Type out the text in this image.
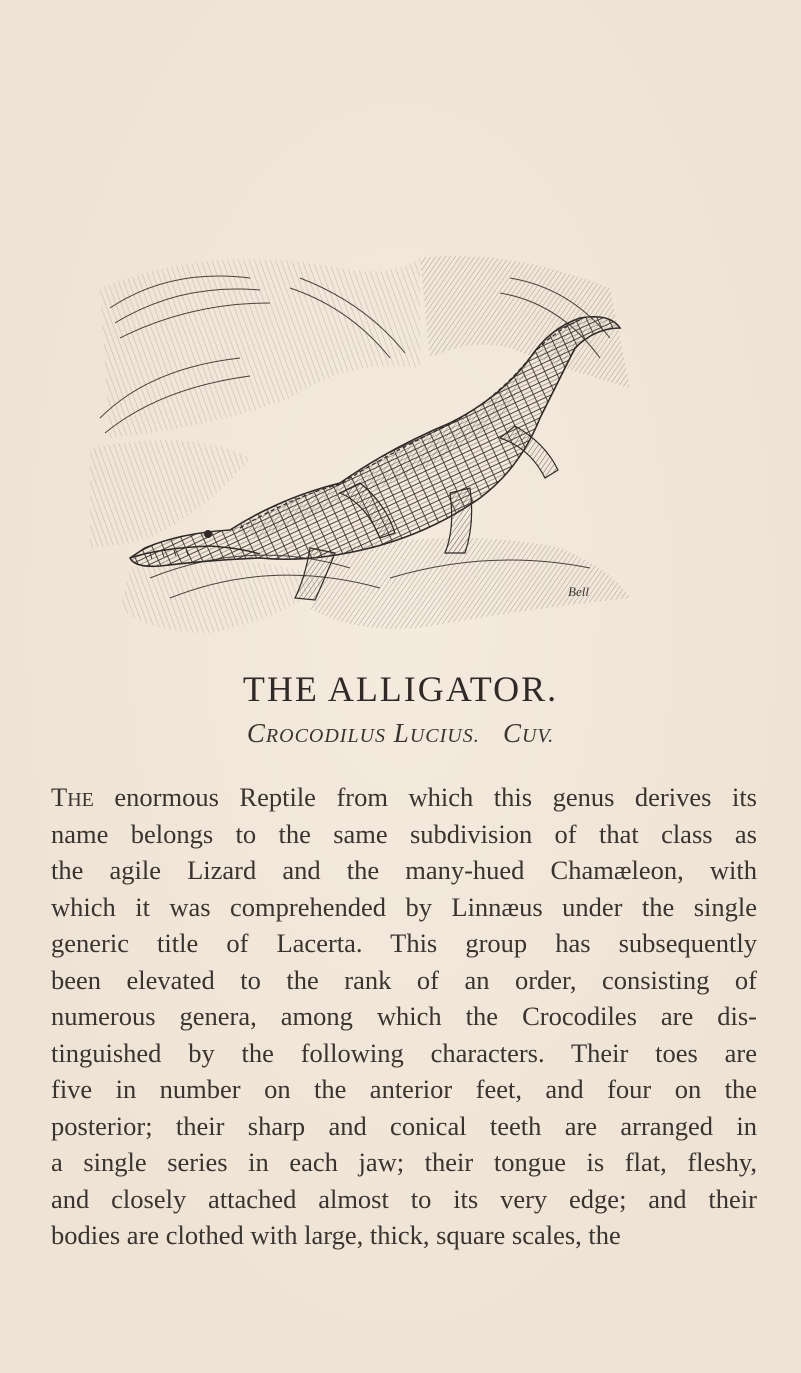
Bell
THE ALLIGATOR.
CROCODILUS LUCIUS.   CUV.
THE enormous Reptile from which this genus derives its
name belongs to the same subdivision of that class as
the agile Lizard and the many-hued Chamæleon, with
which it was comprehended by Linnæus under the single
generic title of Lacerta. This group has subsequently
been elevated to the rank of an order, consisting of
numerous genera, among which the Crocodiles are dis-
tinguished by the following characters. Their toes are
five in number on the anterior feet, and four on the
posterior; their sharp and conical teeth are arranged in
a single series in each jaw; their tongue is flat, fleshy,
and closely attached almost to its very edge; and their
bodies are clothed with large, thick, square scales, the
